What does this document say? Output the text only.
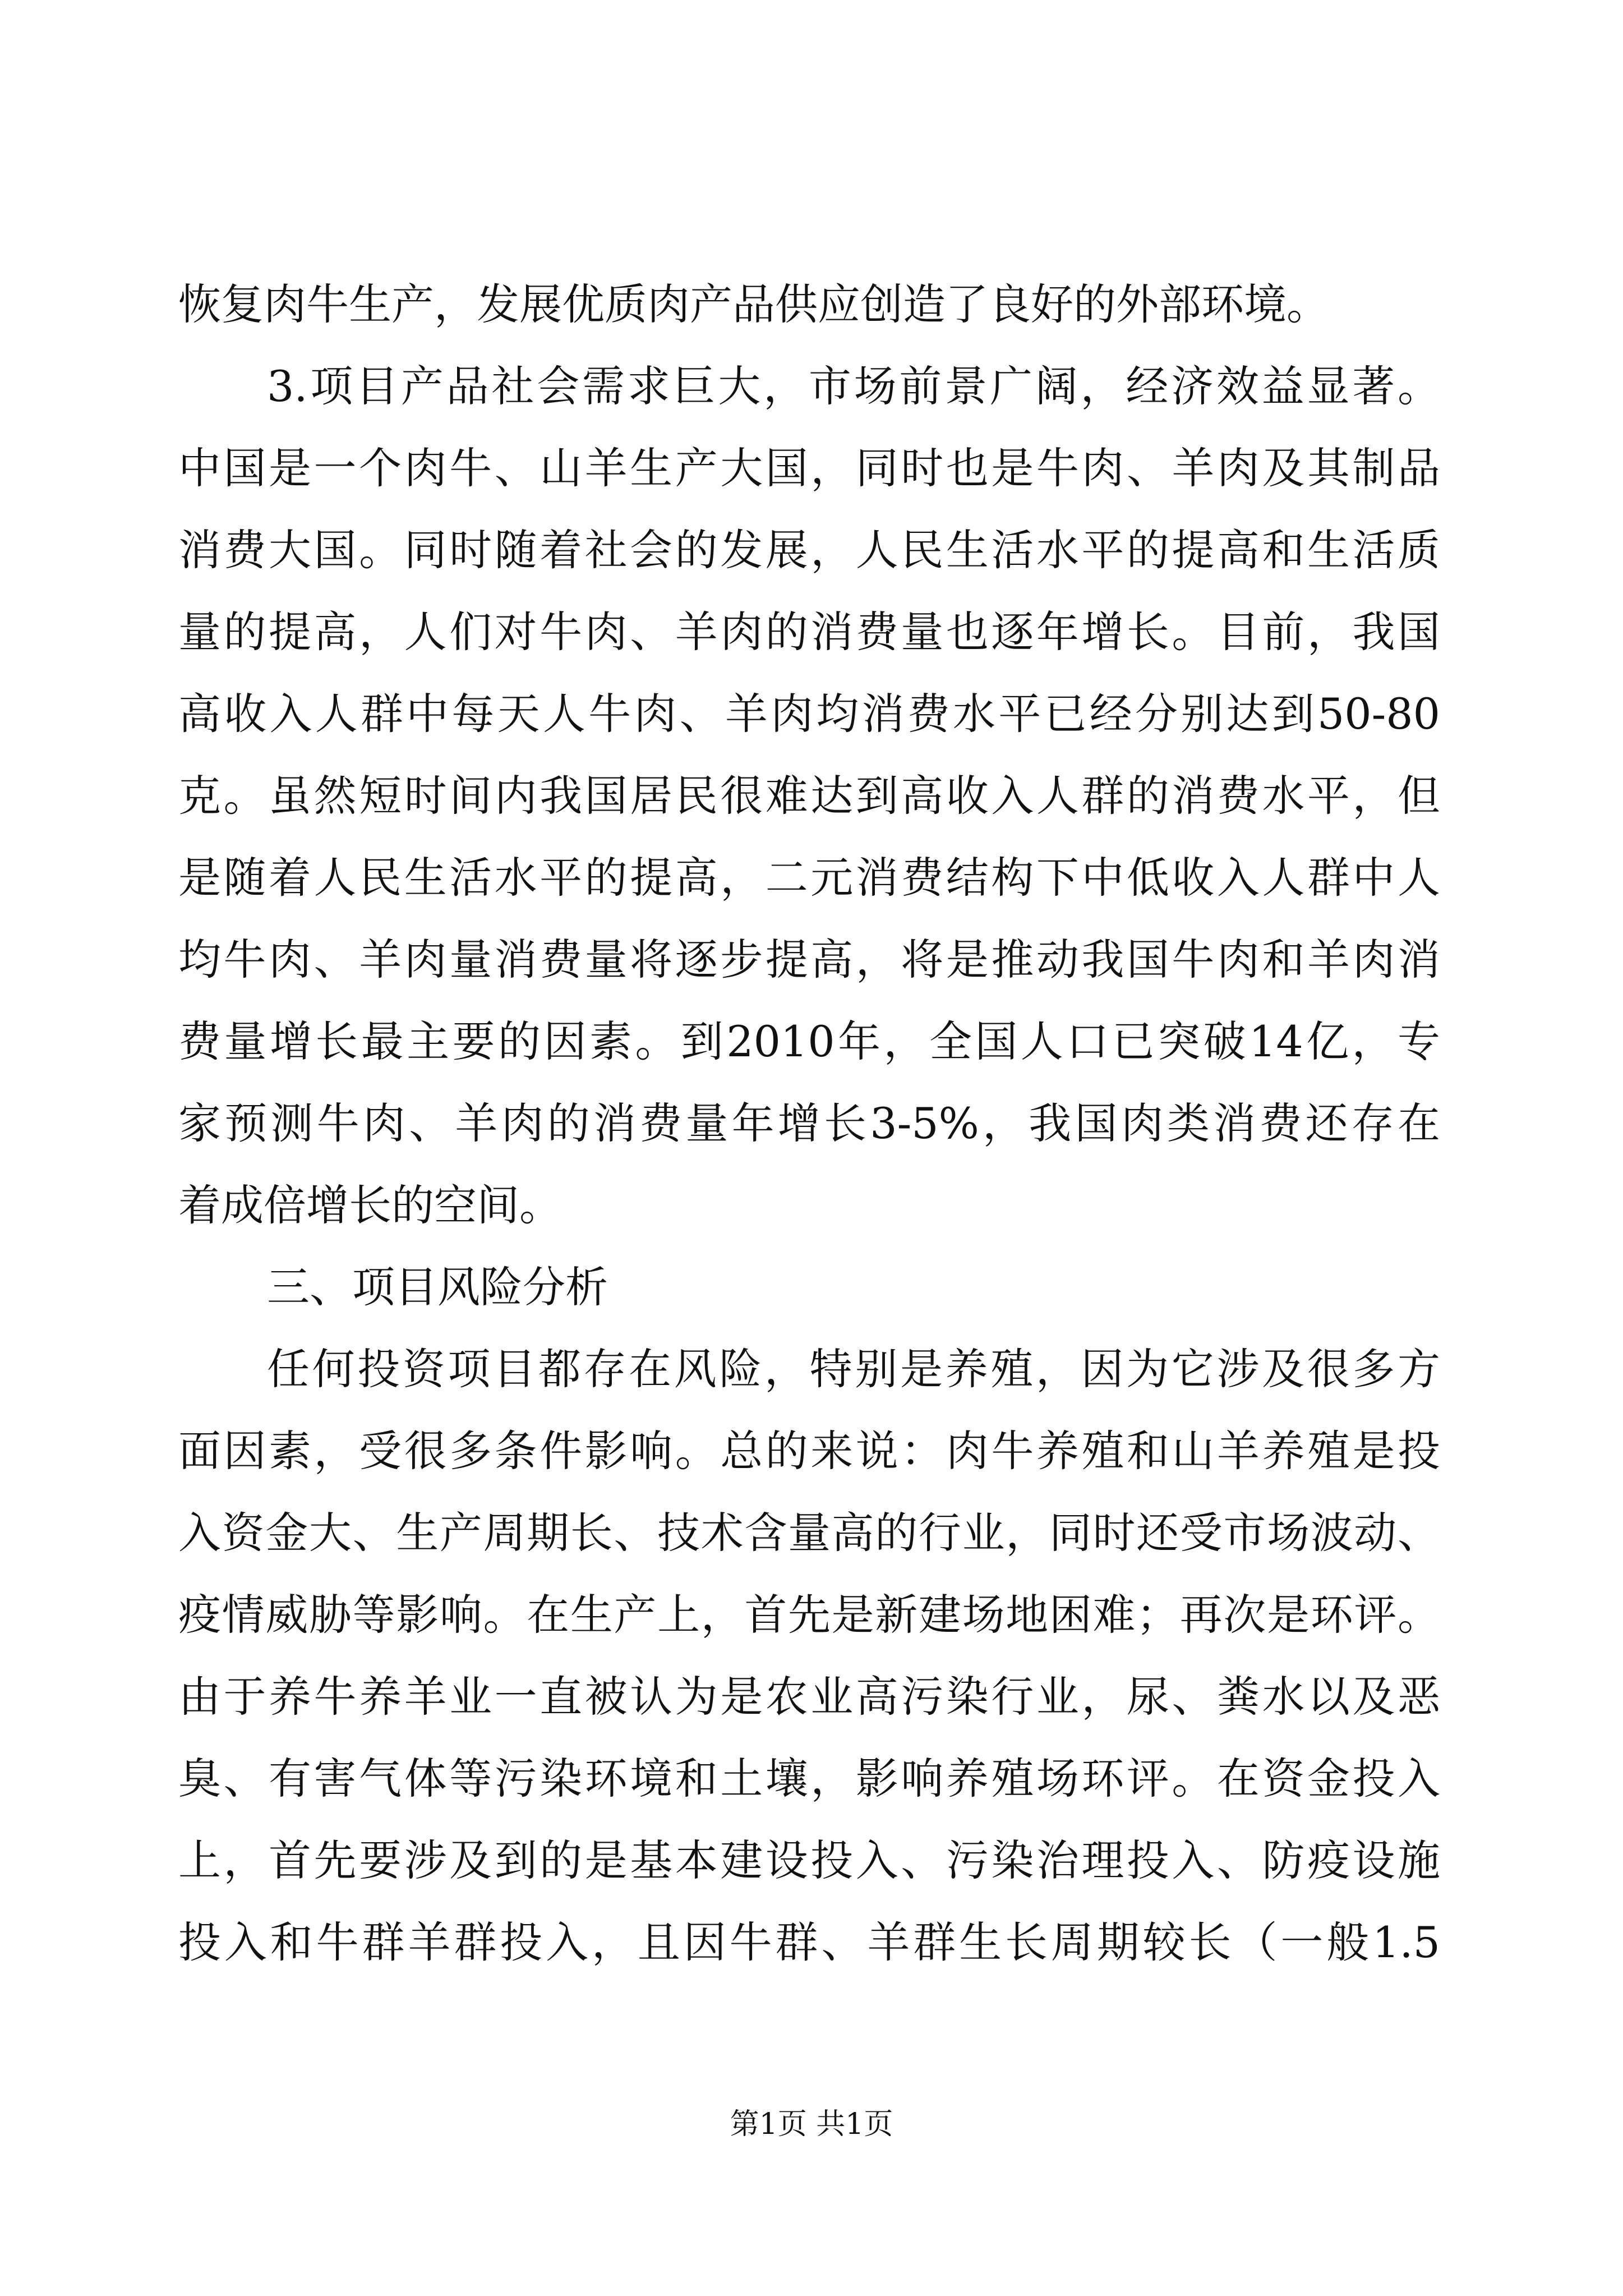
恢复肉牛生产，发展优质肉产品供应创造了良好的外部环境。
3.项目产品社会需求巨大，市场前景广阔，经济效益显著。
中国是一个肉牛、山羊生产大国，同时也是牛肉、羊肉及其制品
消费大国。同时随着社会的发展，人民生活水平的提高和生活质
量的提高，人们对牛肉、羊肉的消费量也逐年增长。目前，我国
高收入人群中每天人牛肉、羊肉均消费水平已经分别达到50-80
克。虽然短时间内我国居民很难达到高收入人群的消费水平，但
是随着人民生活水平的提高，二元消费结构下中低收入人群中人
均牛肉、羊肉量消费量将逐步提高，将是推动我国牛肉和羊肉消
费量增长最主要的因素。到2010年，全国人口已突破14亿，专
家预测牛肉、羊肉的消费量年增长3-5%，我国肉类消费还存在
着成倍增长的空间。
三、项目风险分析
任何投资项目都存在风险，特别是养殖，因为它涉及很多方
面因素，受很多条件影响。总的来说：肉牛养殖和山羊养殖是投
入资金大、生产周期长、技术含量高的行业，同时还受市场波动、
疫情威胁等影响。在生产上，首先是新建场地困难；再次是环评。
由于养牛养羊业一直被认为是农业高污染行业，尿、粪水以及恶
臭、有害气体等污染环境和土壤，影响养殖场环评。在资金投入
上，首先要涉及到的是基本建设投入、污染治理投入、防疫设施
投入和牛群羊群投入，且因牛群、羊群生长周期较长（一般1.5
第1页 共1页
